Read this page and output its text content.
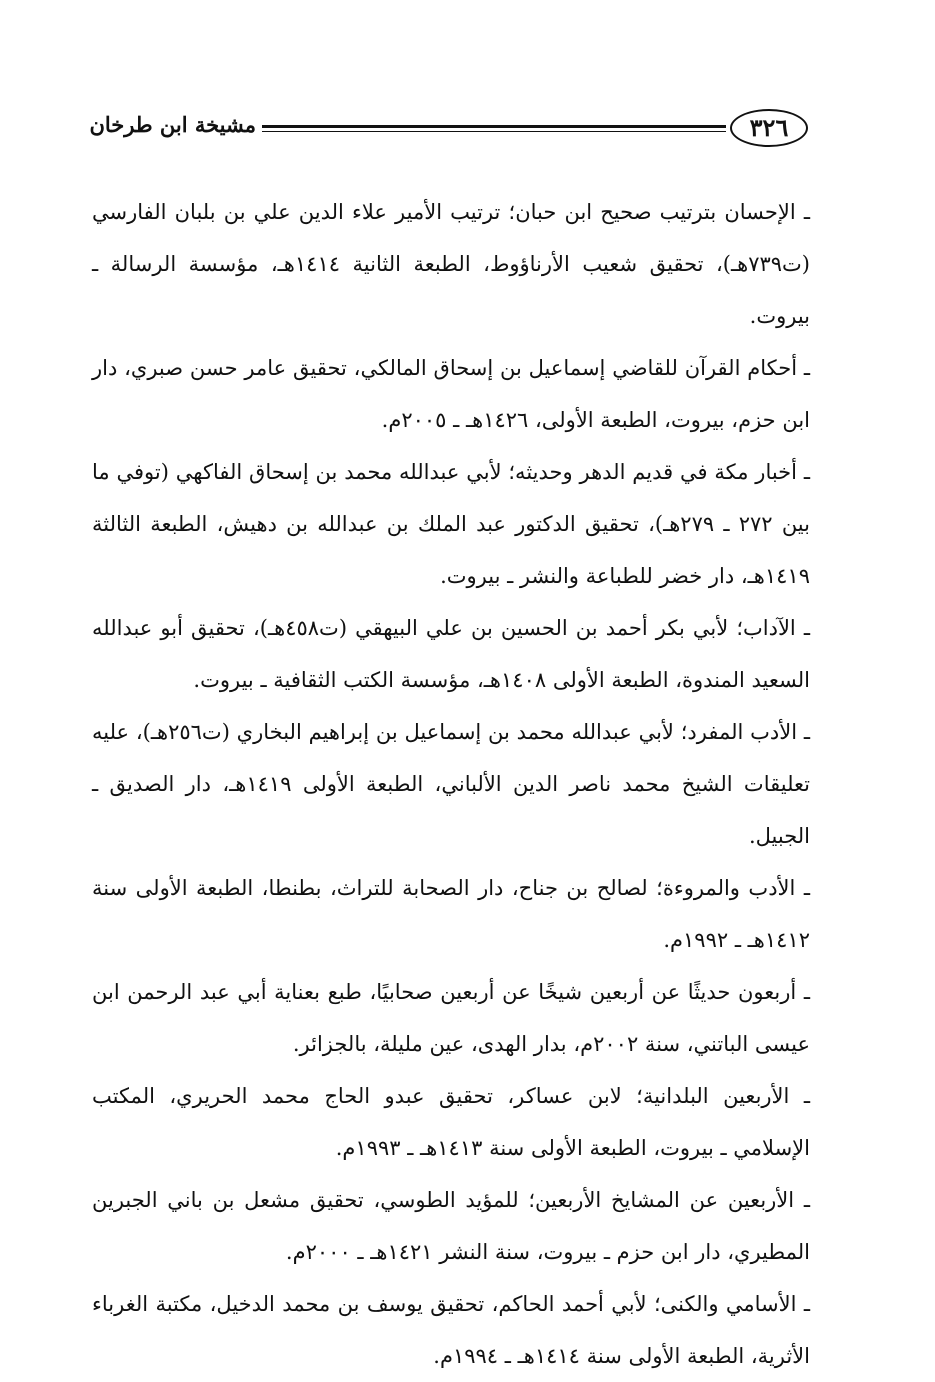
٣٢٦
مشيخة ابن طرخان

ـ الإحسان بترتيب صحيح ابن حبان؛ ترتيب الأمير علاء الدين علي بن بلبان الفارسي (ت٧٣٩هـ)، تحقيق شعيب الأرناؤوط، الطبعة الثانية ١٤١٤هـ، مؤسسة الرسالة ـ بيروت.

ـ أحكام القرآن للقاضي إسماعيل بن إسحاق المالكي، تحقيق عامر حسن صبري، دار ابن حزم، بيروت، الطبعة الأولى، ١٤٢٦هـ ـ ٢٠٠٥م.

ـ أخبار مكة في قديم الدهر وحديثه؛ لأبي عبدالله محمد بن إسحاق الفاكهي (توفي ما بين ٢٧٢ ـ ٢٧٩هـ)، تحقيق الدكتور عبد الملك بن عبدالله بن دهيش، الطبعة الثالثة ١٤١٩هـ، دار خضر للطباعة والنشر ـ بيروت.

ـ الآداب؛ لأبي بكر أحمد بن الحسين بن علي البيهقي (ت٤٥٨هـ)، تحقيق أبو عبدالله السعيد المندوة، الطبعة الأولى ١٤٠٨هـ، مؤسسة الكتب الثقافية ـ بيروت.

ـ الأدب المفرد؛ لأبي عبدالله محمد بن إسماعيل بن إبراهيم البخاري (ت٢٥٦هـ)، عليه تعليقات الشيخ محمد ناصر الدين الألباني، الطبعة الأولى ١٤١٩هـ، دار الصديق ـ الجبيل.

ـ الأدب والمروءة؛ لصالح بن جناح، دار الصحابة للتراث، بطنطا، الطبعة الأولى سنة ١٤١٢هـ ـ ١٩٩٢م.

ـ أربعون حديثًا عن أربعين شيخًا عن أربعين صحابيًا، طبع بعناية أبي عبد الرحمن ابن عيسى الباتني، سنة ٢٠٠٢م، بدار الهدى، عين مليلة، بالجزائر.

ـ الأربعين البلدانية؛ لابن عساكر، تحقيق عبدو الحاج محمد الحريري، المكتب الإسلامي ـ بيروت، الطبعة الأولى سنة ١٤١٣هـ ـ ١٩٩٣م.

ـ الأربعين عن المشايخ الأربعين؛ للمؤيد الطوسي، تحقيق مشعل بن باني الجبرين المطيري، دار ابن حزم ـ بيروت، سنة النشر ١٤٢١هـ ـ ٢٠٠٠م.

ـ الأسامي والكنى؛ لأبي أحمد الحاكم، تحقيق يوسف بن محمد الدخيل، مكتبة الغرباء الأثرية، الطبعة الأولى سنة ١٤١٤هـ ـ ١٩٩٤م.
